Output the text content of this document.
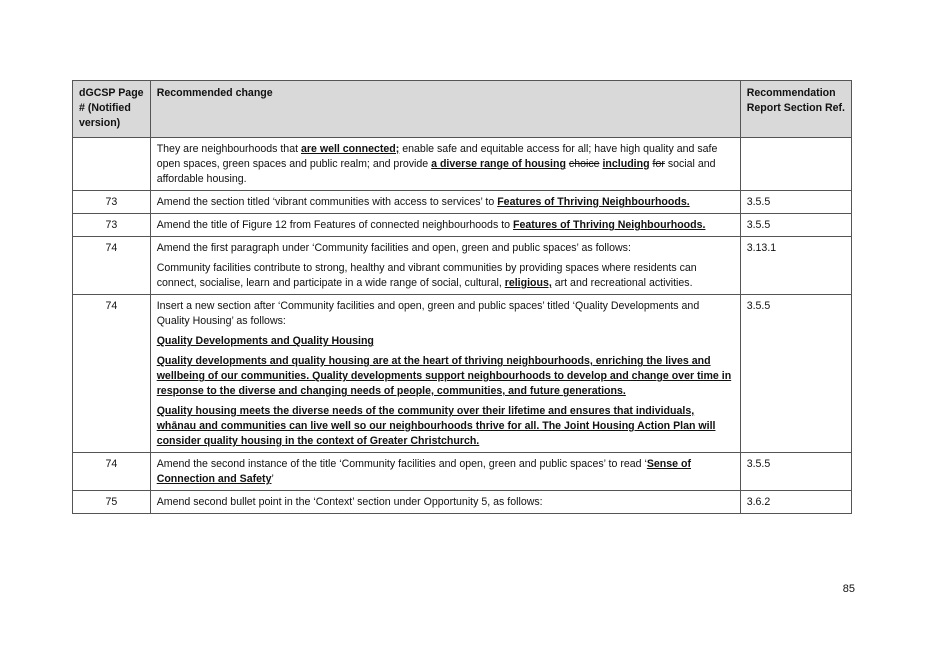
dGCSP Page # (Notified version)	Recommended change	Recommendation Report Section Ref.
	They are neighbourhoods that are well connected; enable safe and equitable access for all; have high quality and safe open spaces, green spaces and public realm; and provide a diverse range of housing choice including for social and affordable housing.	
73	Amend the section titled ‘vibrant communities with access to services’ to Features of Thriving Neighbourhoods.	3.5.5
73	Amend the title of Figure 12 from Features of connected neighbourhoods to Features of Thriving Neighbourhoods.	3.5.5
74	Amend the first paragraph under ‘Community facilities and open, green and public spaces’ as follows:

Community facilities contribute to strong, healthy and vibrant communities by providing spaces where residents can connect, socialise, learn and participate in a wide range of social, cultural, religious, art and recreational activities.	3.13.1
74	Insert a new section after ‘Community facilities and open, green and public spaces’ titled ‘Quality Developments and Quality Housing’ as follows:

Quality Developments and Quality Housing

Quality developments and quality housing are at the heart of thriving neighbourhoods, enriching the lives and wellbeing of our communities. Quality developments support neighbourhoods to develop and change over time in response to the diverse and changing needs of people, communities, and future generations.

Quality housing meets the diverse needs of the community over their lifetime and ensures that individuals, whānau and communities can live well so our neighbourhoods thrive for all. The Joint Housing Action Plan will consider quality housing in the context of Greater Christchurch.	3.5.5
74	Amend the second instance of the title ‘Community facilities and open, green and public spaces’ to read ‘Sense of Connection and Safety’	3.5.5
75	Amend second bullet point in the ‘Context’ section under Opportunity 5, as follows:	3.6.2
85
